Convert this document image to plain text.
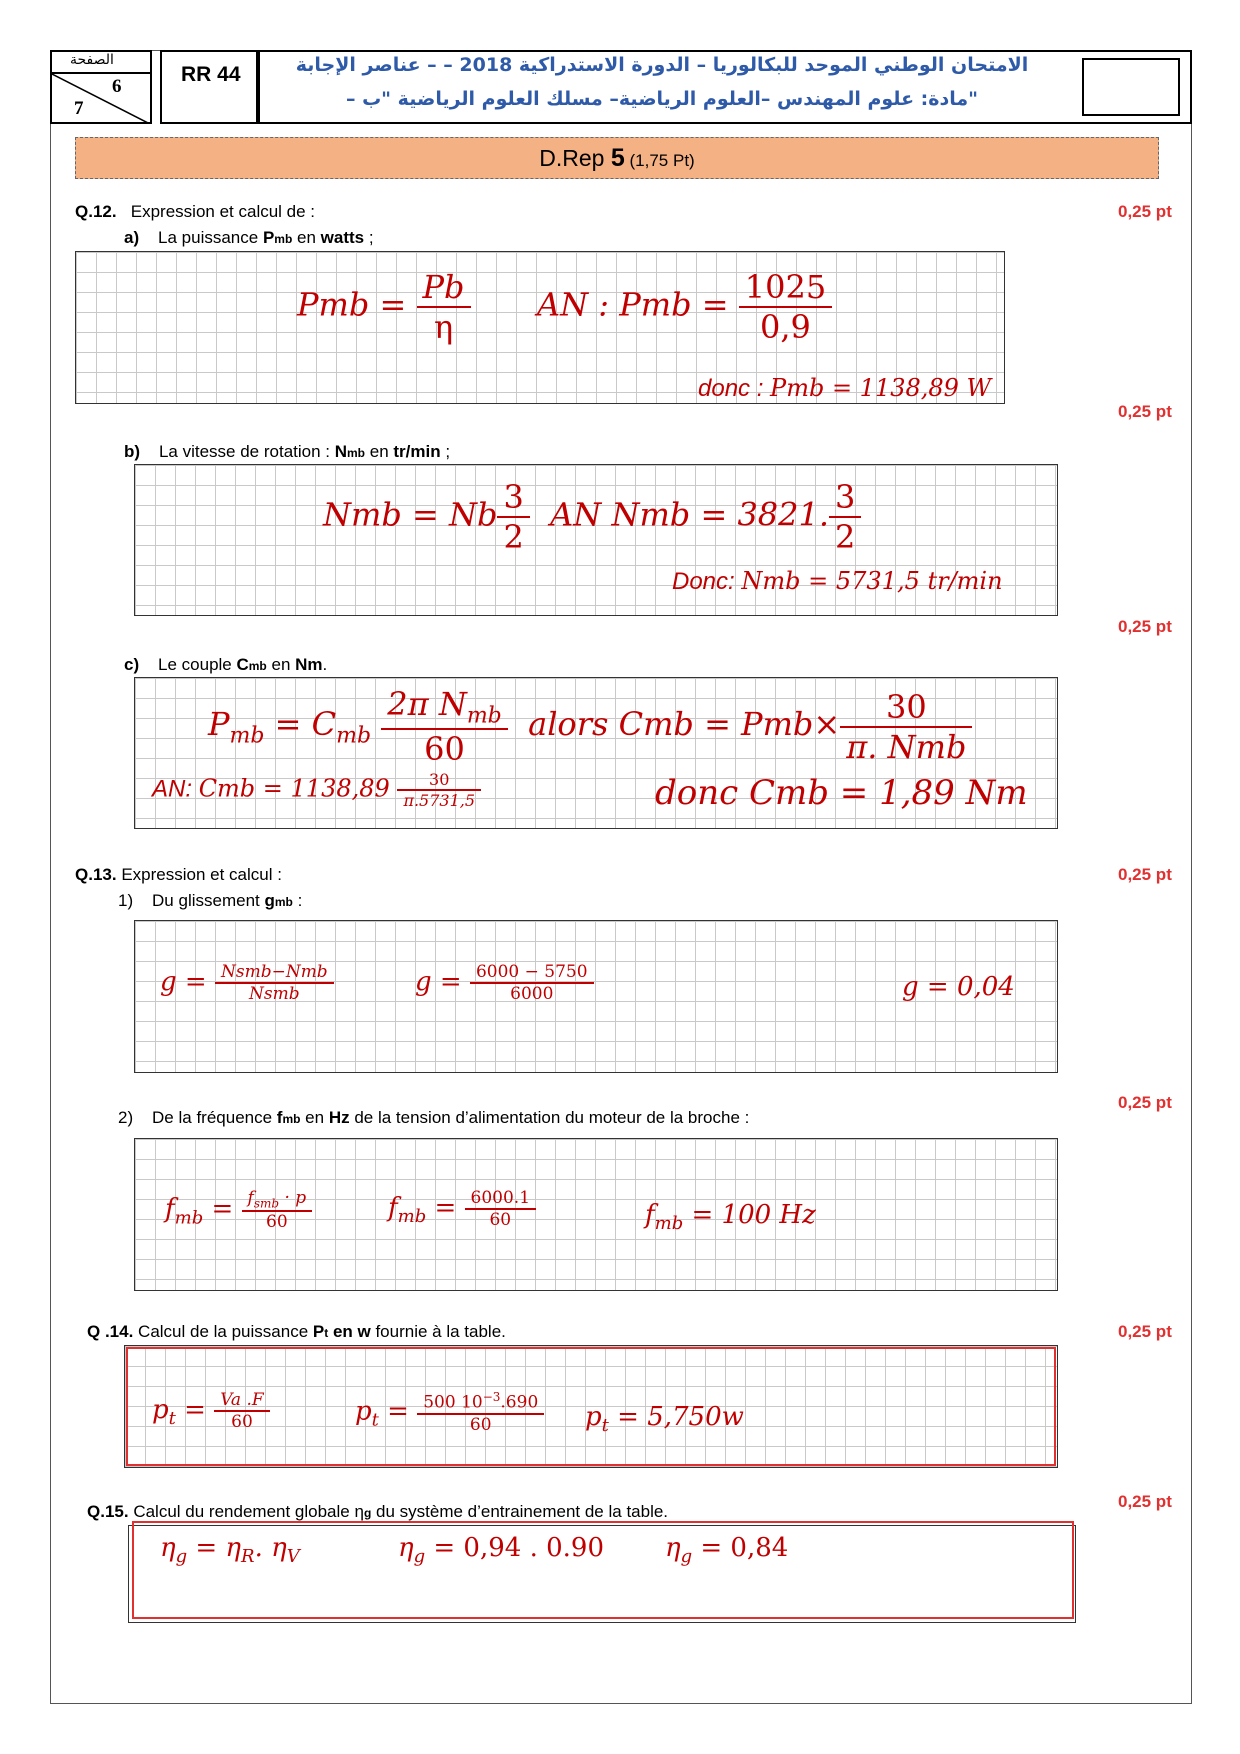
الصفحة
6
7
RR 44	الامتحان الوطني الموحد للبكالوريا – الدورة الاستدراكية 2018 – – عناصر الإجابة
– مادة: علوم المهندس –العلوم الرياضية– مسلك العلوم الرياضية "ب"
D.Rep 5 (1,75 Pt)
Q.12. Expression et calcul de :
a) La puissance Pmb en watts ;
0,25 pt
Pmb = $\frac{Pb}{\eta}$ AN : Pmb = $\frac{1025}{0,9}$
donc : Pmb = 1138,89 W
0,25 pt
b) La vitesse de rotation : Nmb en tr/min ;
Nmb = Nb $\frac{3}{2}$ AN Nmb = 3821. $\frac{3}{2}$
Donc: Nmb = 5731,5 tr/min
0,25 pt
c) Le couple Cmb en Nm.
$P_{mb} = C_{mb} \frac{2\pi N_{mb}}{60}$ alors Cmb = $Pmb\times \frac{30}{\text{π. Nmb}}$
AN: Cmb = $1138,89 \frac{30}{\pi.5731,5}$	donc Cmb = 1,89 Nm
Q.13. Expression et calcul :	0,25 pt
1) Du glissement gmb :
$g = \frac{\text{Nsmb−Nmb}}{\text{Nsmb}}$	$g = \frac{6000 - 5750}{6000}$	g = 0,04
0,25 pt
2) De la fréquence fmb en Hz de la tension d’alimentation du moteur de la broche :
$f_{mb} = \frac{f_{smb} \cdot p}{60}$	$f_{mb} = \frac{6000.1}{60}$	$f_{mb} = 100$ Hz
Q .14. Calcul de la puissance Pt en w fournie à la table.	0,25 pt
$p_t = \frac{Va .F}{60}$	$p_t = \frac{500 10^{-3}.690}{60} p_t = 5,750w$
0,25 pt
Q.15. Calcul du rendement globale ηg du système d’entrainement de la table.
$\eta_g = \eta_R$. $\eta_V$	$\eta_g = 0,94$ . 0.90 $\eta_g = 0,84$
